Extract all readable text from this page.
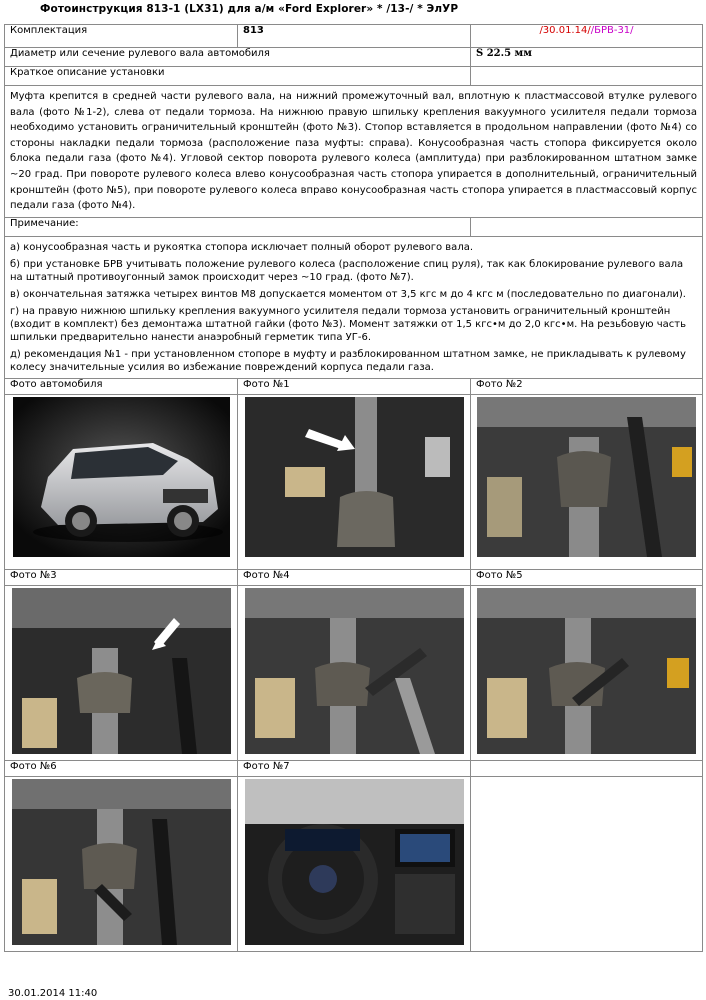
Фотоинструкция 813-1 (LX31) для а/м «Ford Explorer» * /13-/ * ЭлУР
Комплектация	813	/30.01.14//БРВ-31/
Диаметр или сечение рулевого вала автомобиля		S 22.5 мм
Краткое описание установки		
Муфта крепится в средней части рулевого вала, на нижний промежуточный вал, вплотную к пластмассовой втулке рулевого вала (фото №1-2), слева от педали тормоза. На нижнюю правую шпильку крепления вакуумного усилителя педали тормоза необходимо установить ограничительный кронштейн (фото №3). Стопор вставляется в продольном направлении (фото №4) со стороны накладки педали тормоза (расположение паза муфты: справа). Конусообразная часть стопора фиксируется около блока педали газа (фото №4). Угловой сектор поворота рулевого колеса (амплитуда) при разблокированном штатном замке ~20 град. При повороте рулевого колеса влево конусообразная часть стопора упирается в дополнительный, ограничительный кронштейн (фото №5), при повороте рулевого колеса вправо конусообразная часть стопора упирается в пластмассовый корпус педали газа (фото №4).		
Примечание:		

а) конусообразная часть и рукоятка стопора исключает полный оборот рулевого вала.

б) при установке БРВ учитывать положение рулевого колеса (расположение спиц руля), так как блокирование рулевого вала на штатный противоугонный замок происходит через ~10 град. (фото №7).

в) окончательная затяжка четырех винтов М8 допускается моментом от 3,5 кгс м до 4 кгс м (последовательно по диагонали).

г) на правую нижнюю шпильку крепления вакуумного усилителя педали тормоза установить ограничительный кронштейн (входит в комплект) без демонтажа штатной гайки (фото №3). Момент затяжки от 1,5 кгс•м до 2,0 кгс•м. На резьбовую часть шпильки предварительно нанести анаэробный герметик типа УГ-6.

д) рекомендация №1 - при установленном стопоре в муфту и разблокированном штатном замке, не прикладывать к рулевому колесу значительные усилия во избежание повреждений корпуса педали газа.		

Фото автомобиля	Фото №1	Фото №2

Фото №3	Фото №4	Фото №5

Фото №6	Фото №7	

30.01.2014 11:40
